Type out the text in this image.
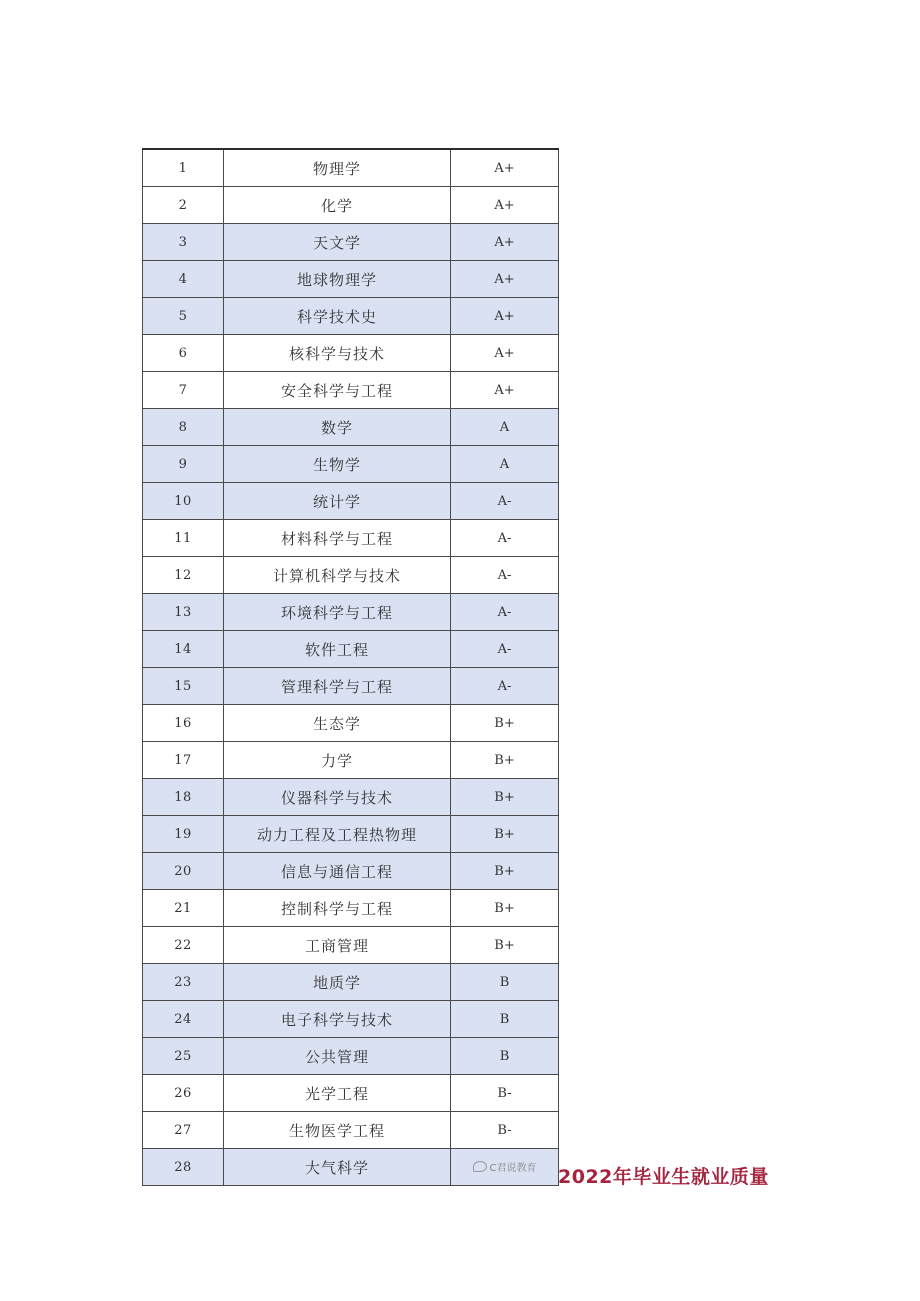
1	物理学	A+
2	化学	A+
3	天文学	A+
4	地球物理学	A+
5	科学技术史	A+
6	核科学与技术	A+
7	安全科学与工程	A+
8	数学	A
9	生物学	A
10	统计学	A-
11	材料科学与工程	A-
12	计算机科学与技术	A-
13	环境科学与工程	A-
14	软件工程	A-
15	管理科学与工程	A-
16	生态学	B+
17	力学	B+
18	仪器科学与技术	B+
19	动力工程及工程热物理	B+
20	信息与通信工程	B+
21	控制科学与工程	B+
22	工商管理	B+
23	地质学	B
24	电子科学与技术	B
25	公共管理	B
26	光学工程	B-
27	生物医学工程	B-
28	大气科学	C君说教育 2022年毕业生就业质量
